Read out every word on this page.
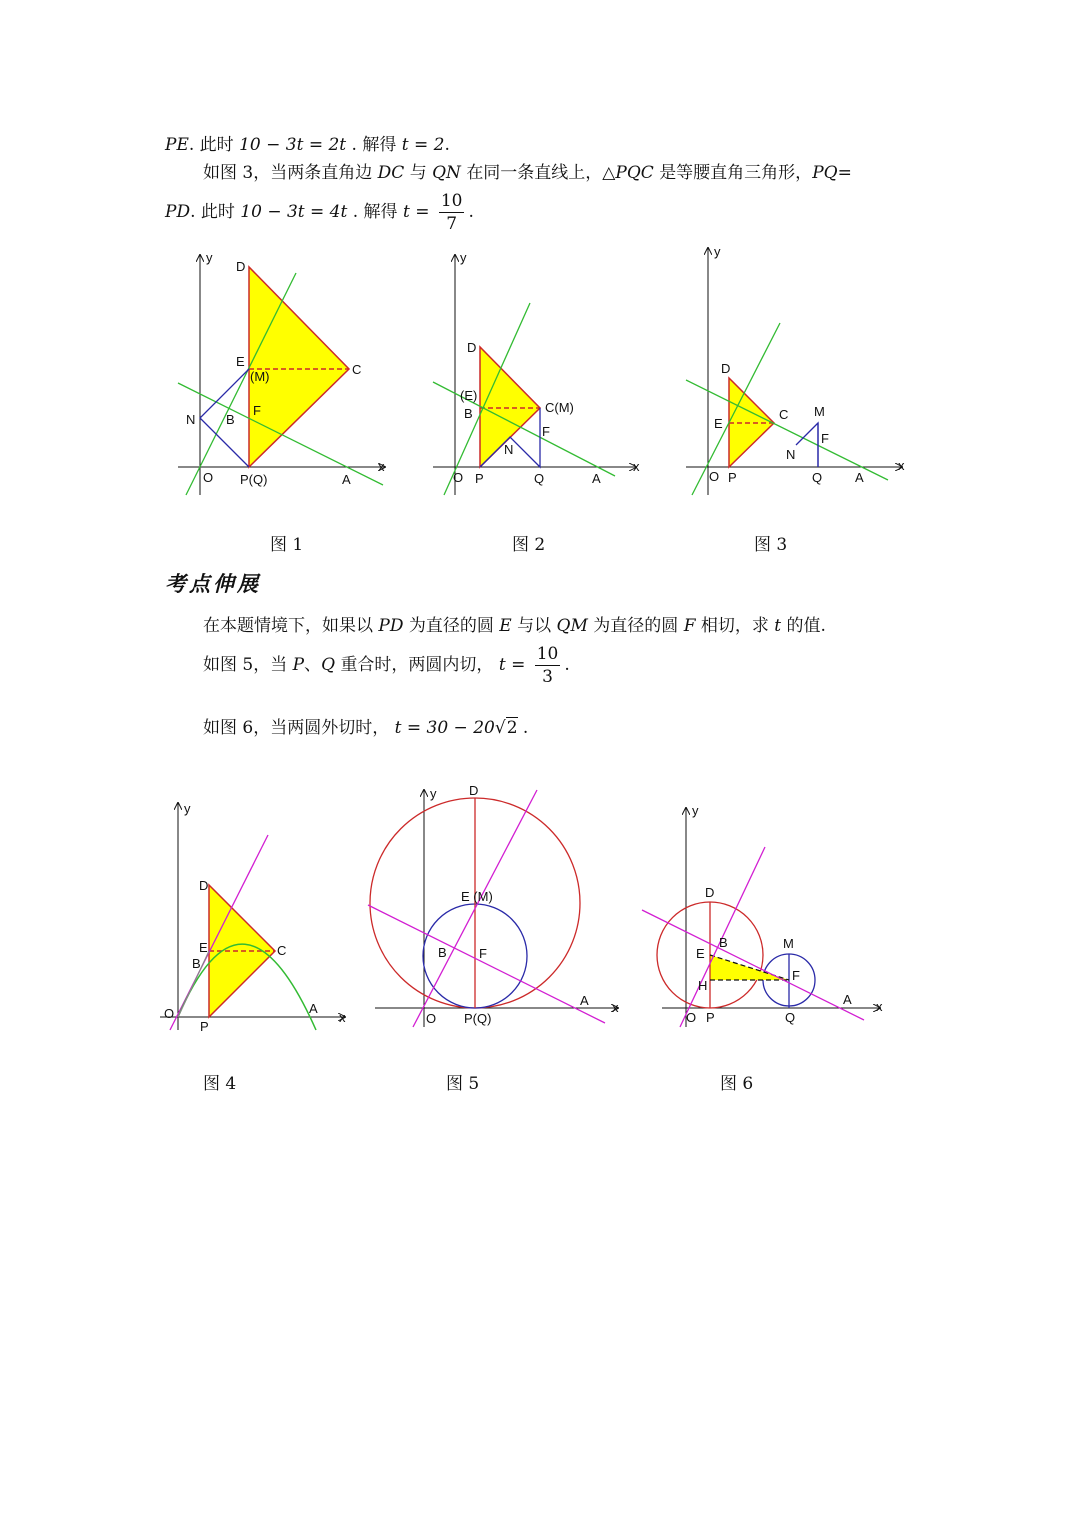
PE. 此时 10 − 3t = 2t . 解得 t = 2.
如图 3，当两条直角边 DC 与 QN 在同一条直线上，△PQC 是等腰直角三角形，PQ=
PD. 此时 10 − 3t = 4t . 解得 $t = \frac{10}{7}$ .
D
E
(M)	C
N B
F
O P(Q)	A
x
y
D
(E)
B	C(M)
F
N
O P	Q	A
x
y
D
E
C M
F
N
O P	Q	A
x
y
图 1	图 2	图 3
考点伸展
在本题情境下，如果以 PD 为直径的圆 E 与以 QM 为直径的圆 F 相切，求 t 的值.
如图 5，当 P、Q 重合时，两圆内切， $t = \frac{10}{3}$ .
如图 6，当两圆外切时， t = 30 − 20√2 .
D
E
B
C
O
P
A
x
y
D
E (M)
B F
O P(Q)
A x
y
D
B
E
H
M
F
O P	Q
A x
y
图 4	图 5	图 6
